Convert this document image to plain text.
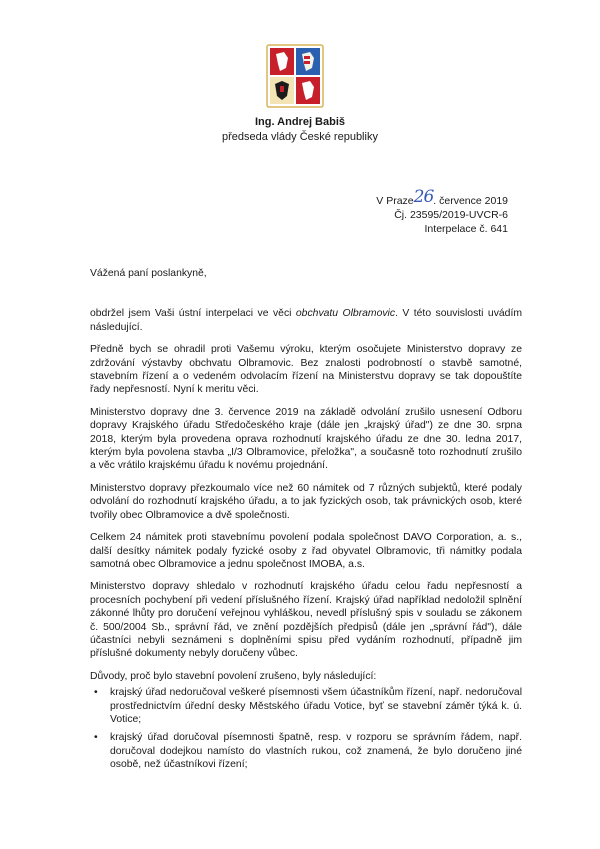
Ing. Andrej Babiš
předseda vlády České republiky
V Praze26. července 2019
Čj. 23595/2019-UVCR-6
Interpelace č. 641
Vážená paní poslankyně,

obdržel jsem Vaši ústní interpelaci ve věci obchvatu Olbramovic. V této souvislosti uvádím následující.

Předně bych se ohradil proti Vašemu výroku, kterým osočujete Ministerstvo dopravy ze zdržování výstavby obchvatu Olbramovic. Bez znalosti podrobností o stavbě samotné, stavebním řízení a o vedeném odvolacím řízení na Ministerstvu dopravy se tak dopouštíte řady nepřesností. Nyní k meritu věci.

Ministerstvo dopravy dne 3. července 2019 na základě odvolání zrušilo usnesení Odboru dopravy Krajského úřadu Středočeského kraje (dále jen „krajský úřad") ze dne 30. srpna 2018, kterým byla provedena oprava rozhodnutí krajského úřadu ze dne 30. ledna 2017, kterým byla povolena stavba „I/3 Olbramovice, přeložka", a současně toto rozhodnutí zrušilo a věc vrátilo krajskému úřadu k novému projednání.

Ministerstvo dopravy přezkoumalo více než 60 námitek od 7 různých subjektů, které podaly odvolání do rozhodnutí krajského úřadu, a to jak fyzických osob, tak právnických osob, které tvořily obec Olbramovice a dvě společnosti.

Celkem 24 námitek proti stavebnímu povolení podala společnost DAVO Corporation, a. s., další desítky námitek podaly fyzické osoby z řad obyvatel Olbramovic, tři námitky podala samotná obec Olbramovice a jednu společnost IMOBA, a.s.

Ministerstvo dopravy shledalo v rozhodnutí krajského úřadu celou řadu nepřesností a procesních pochybení při vedení příslušného řízení. Krajský úřad například nedoložil splnění zákonné lhůty pro doručení veřejnou vyhláškou, nevedl příslušný spis v souladu se zákonem č. 500/2004 Sb., správní řád, ve znění pozdějších předpisů (dále jen „správní řád"), dále účastníci nebyli seznámeni s doplněními spisu před vydáním rozhodnutí, případně jim příslušné dokumenty nebyly doručeny vůbec.

Důvody, proč bylo stavební povolení zrušeno, byly následující:

• krajský úřad nedoručoval veškeré písemnosti všem účastníkům řízení, např. nedoručoval prostřednictvím úřední desky Městského úřadu Votice, byť se stavební záměr týká k. ú. Votice;
• krajský úřad doručoval písemnosti špatně, resp. v rozporu se správním řádem, např. doručoval dodejkou namísto do vlastních rukou, což znamená, že bylo doručeno jiné osobě, než účastníkovi řízení;
